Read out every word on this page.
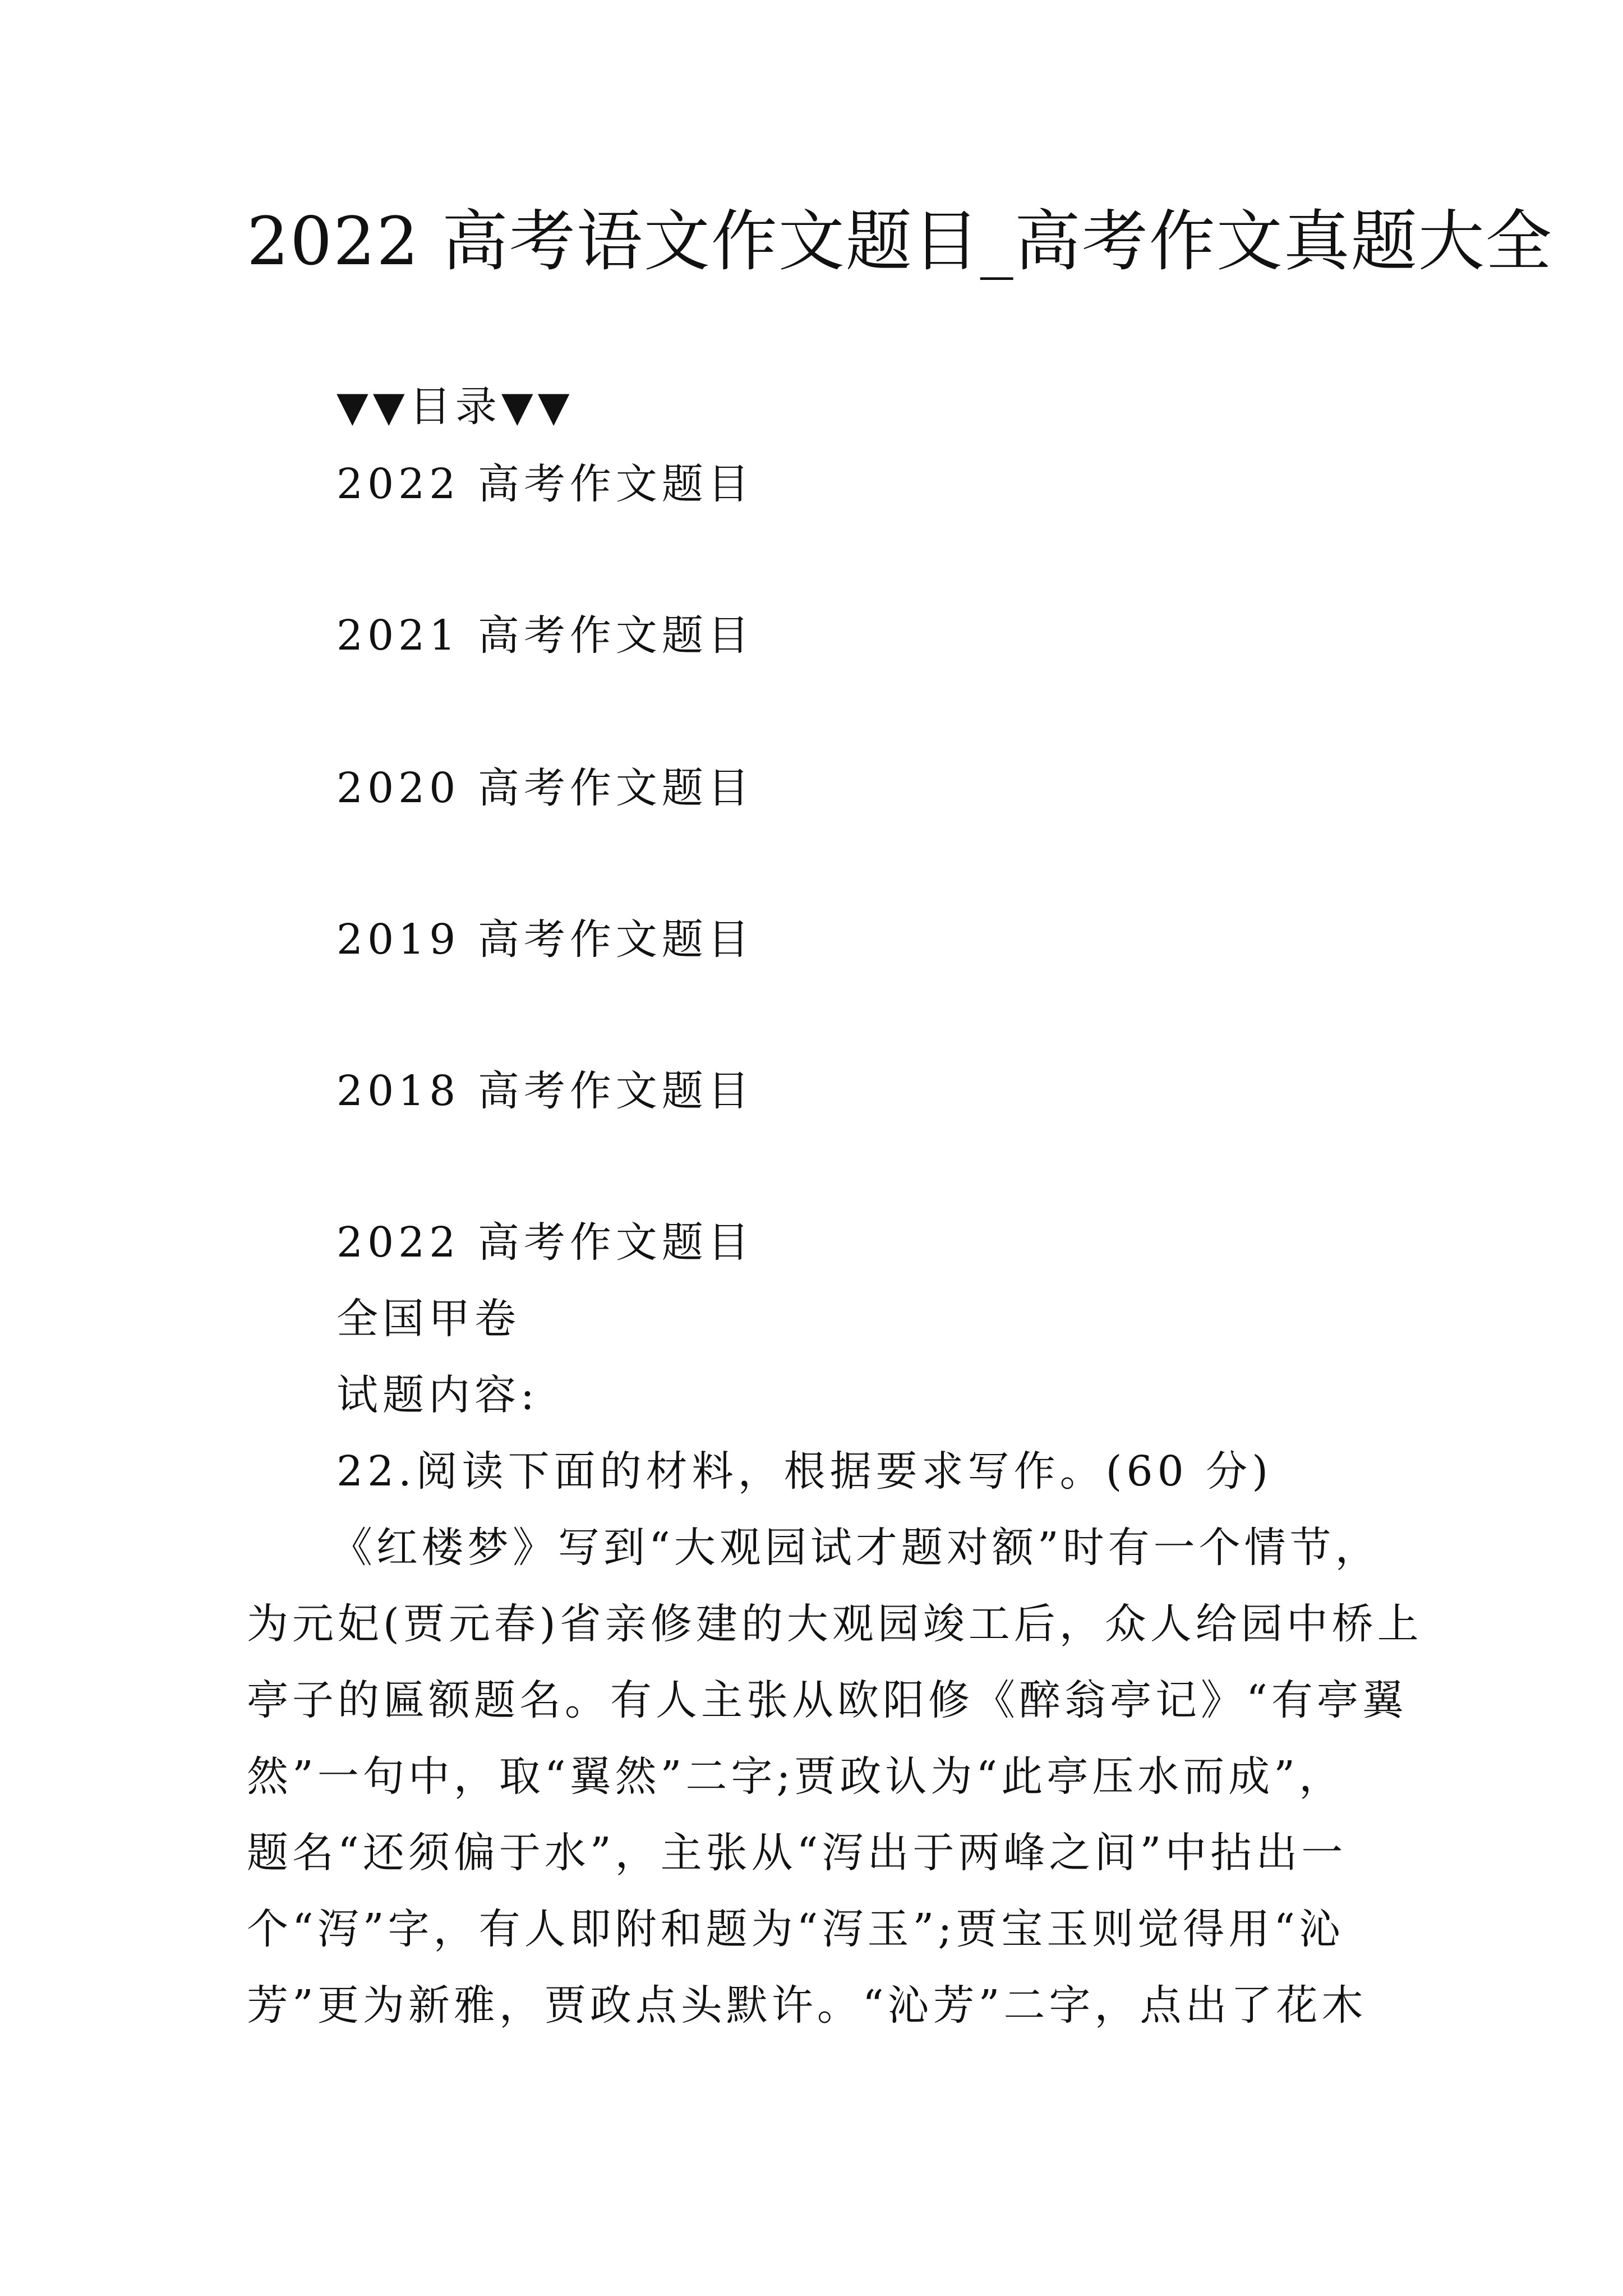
2022 高考语文作文题目_高考作文真题大全

▼▼目录▼▼

2022 高考作文题目

2021 高考作文题目

2020 高考作文题目

2019 高考作文题目

2018 高考作文题目

2022 高考作文题目

全国甲卷

试题内容:

22.阅读下面的材料，根据要求写作。(60 分)

《红楼梦》写到“大观园试才题对额”时有一个情节，

为元妃(贾元春)省亲修建的大观园竣工后，众人给园中桥上

亭子的匾额题名。有人主张从欧阳修《醉翁亭记》“有亭翼

然”一句中，取“翼然”二字;贾政认为“此亭压水而成”，

题名“还须偏于水”，主张从“泻出于两峰之间”中拈出一

个“泻”字，有人即附和题为“泻玉”;贾宝玉则觉得用“沁

芳”更为新雅，贾政点头默许。“沁芳”二字，点出了花木
